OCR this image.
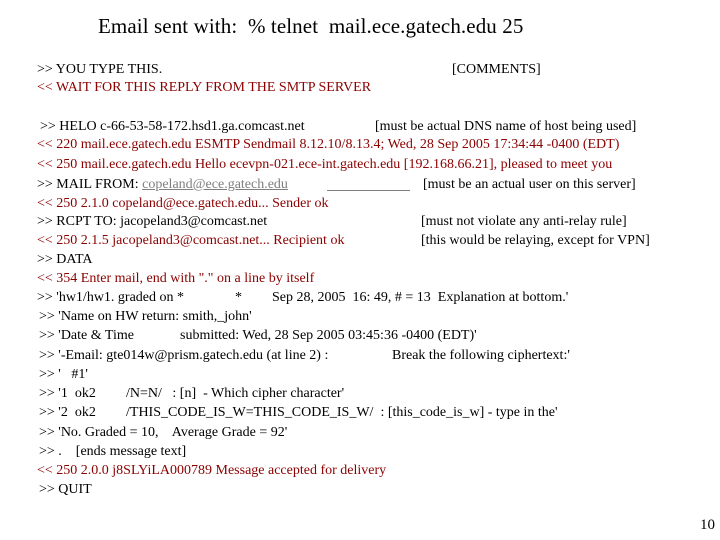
Email sent with:  % telnet  mail.ece.gatech.edu 25
>> YOU TYPE THIS.	[COMMENTS]
<< WAIT FOR THIS REPLY FROM THE SMTP SERVER
>> HELO c-66-53-58-172.hsd1.ga.comcast.net	[must be actual DNS name of host being used]
<< 220 mail.ece.gatech.edu ESMTP Sendmail 8.12.10/8.13.4; Wed, 28 Sep 2005 17:34:44 -0400 (EDT)
<< 250 mail.ece.gatech.edu Hello ecevpn-021.ece-int.gatech.edu [192.168.66.21], pleased to meet you
>> MAIL FROM: copeland@ece.gatech.edu	[must be an actual user on this server]
<< 250 2.1.0 copeland@ece.gatech.edu... Sender ok
>> RCPT TO: jacopeland3@comcast.net	[must not violate any anti-relay rule]
<< 250 2.1.5 jacopeland3@comcast.net... Recipient ok	[this would be relaying, except for VPN]
>> DATA
<< 354 Enter mail, end with "." on a line by itself
>> 'hw1/hw1. graded on *	* Sep 28, 2005  16: 49, # = 13  Explanation at bottom.'
>> 'Name on HW return: smith,_john'
>> 'Date & Time	submitted: Wed, 28 Sep 2005 03:45:36 -0400 (EDT)'
>> '-Email: gte014w@prism.gatech.edu (at line 2) :	Break the following ciphertext:'
>> '   #1'
>> '1  ok2 /N=N/   : [n]  - Which cipher character'
>> '2  ok2 /THIS_CODE_IS_W=THIS_CODE_IS_W/  : [this_code_is_w] - type in the'
>> 'No. Graded = 10,    Average Grade = 92'
>> .    [ends message text]
<< 250 2.0.0 j8SLYiLA000789 Message accepted for delivery
>> QUIT
10
